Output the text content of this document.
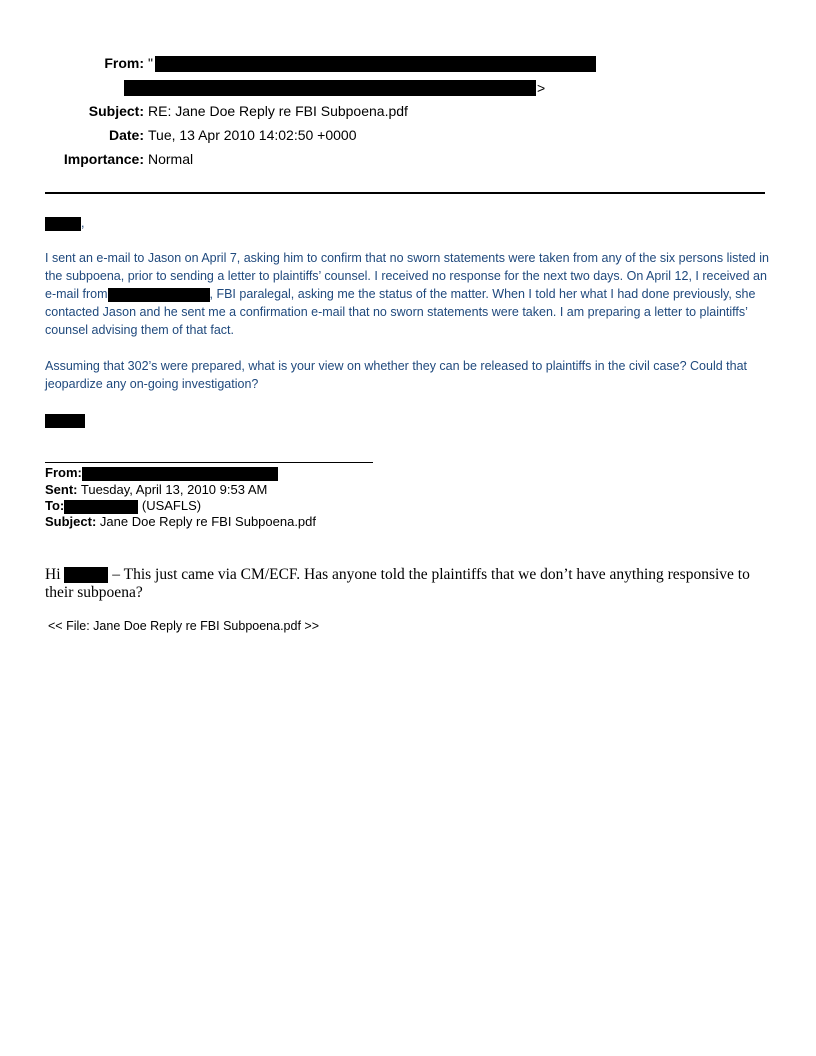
From: "
>
Subject: RE: Jane Doe Reply re FBI Subpoena.pdf
Date: Tue, 13 Apr 2010 14:02:50 +0000
Importance: Normal
,
I sent an e-mail to Jason on April 7, asking him to confirm that no sworn statements were taken from any of the six persons listed in the subpoena, prior to sending a letter to plaintiffs’ counsel. I received no response for the next two days. On April 12, I received an e-mail from	, FBI paralegal, asking me the status of the matter. When I told her what I had done previously, she contacted Jason and he sent me a confirmation e-mail that no sworn statements were taken. I am preparing a letter to plaintiffs’ counsel advising them of that fact.
Assuming that 302’s were prepared, what is your view on whether they can be released to plaintiffs in the civil case? Could that jeopardize any on-going investigation?
From:
Sent: Tuesday, April 13, 2010 9:53 AM
To:	(USAFLS)
Subject: Jane Doe Reply re FBI Subpoena.pdf
Hi	– This just came via CM/ECF. Has anyone told the plaintiffs that we don’t have anything responsive to their subpoena?
<< File: Jane Doe Reply re FBI Subpoena.pdf >>
